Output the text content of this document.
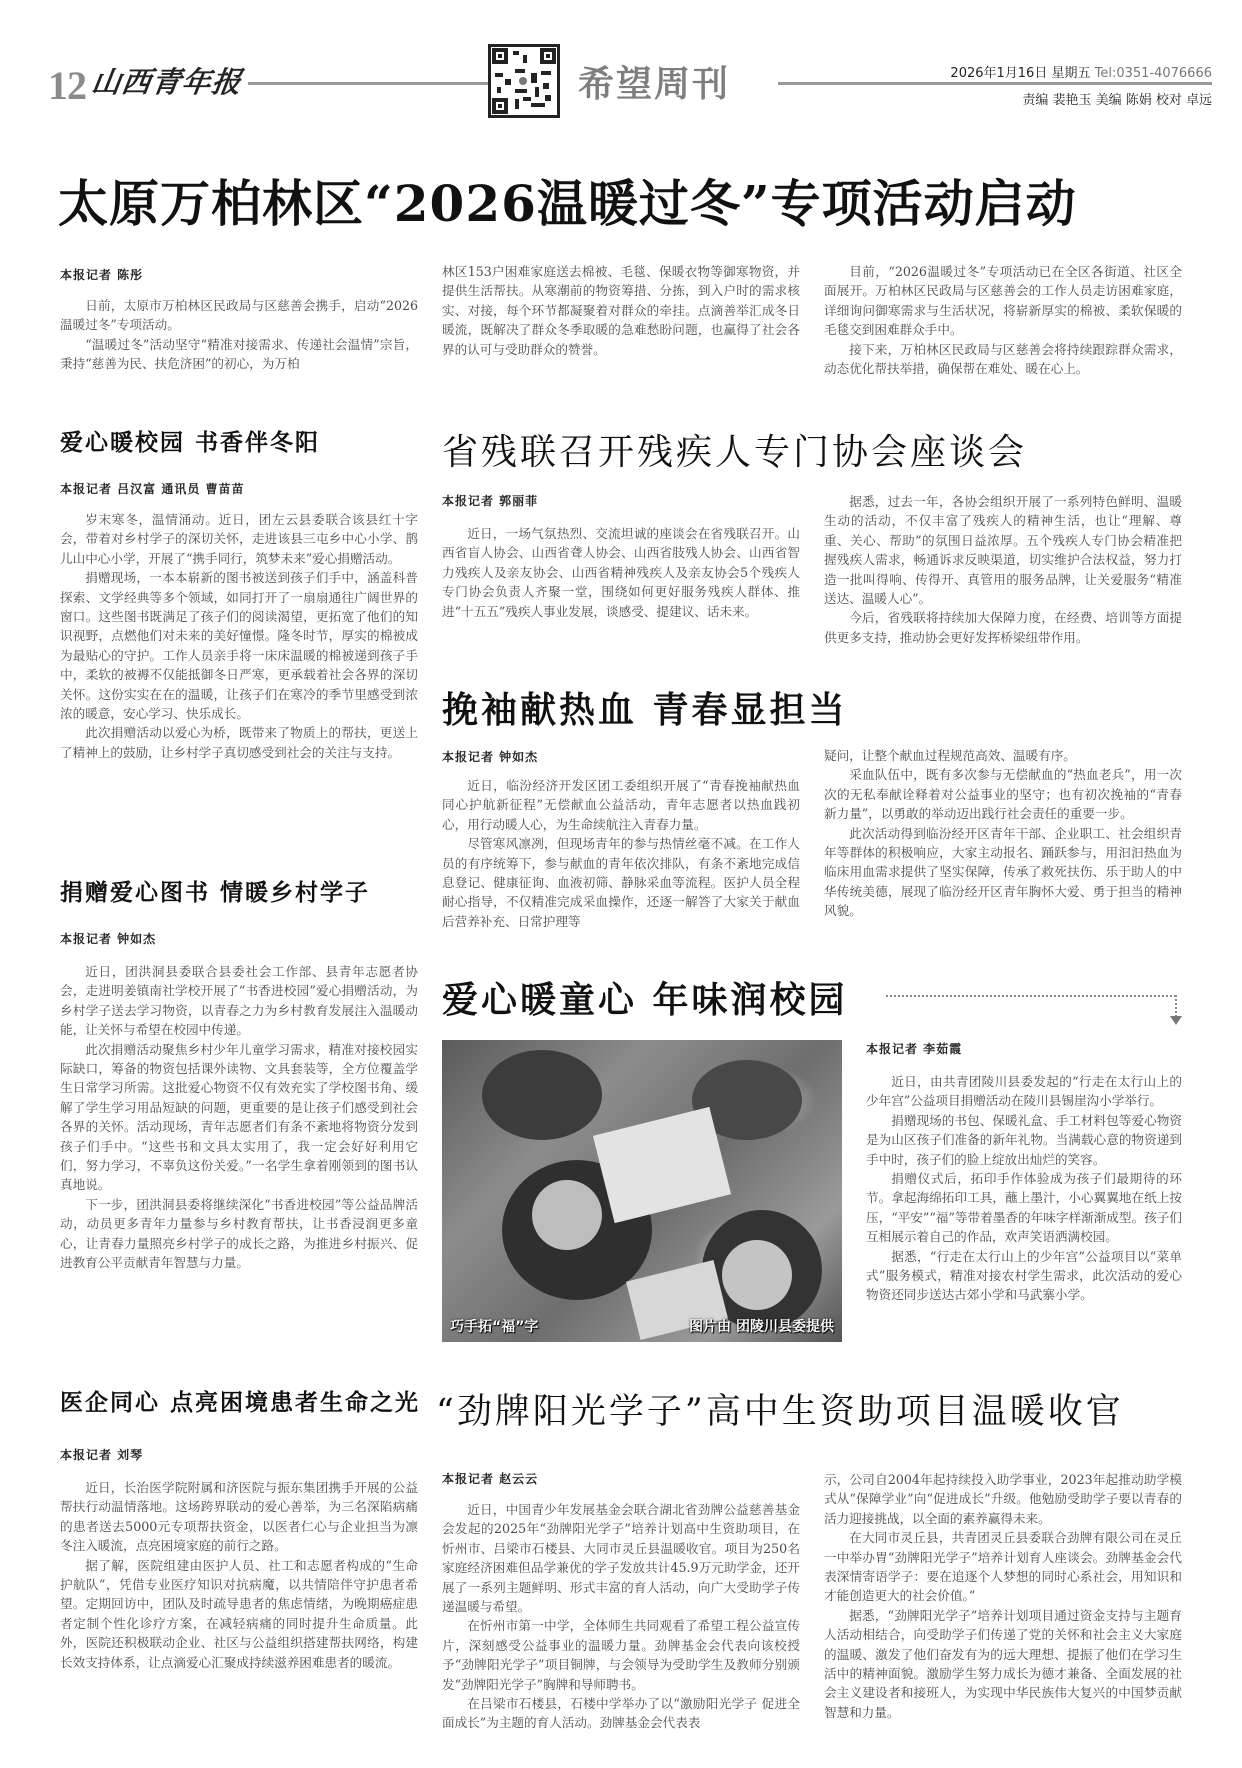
12 山西青年报	希望周刊	2026年1月16日 星期五 Tel:0351-4076666
责编 裴艳玉 美编 陈娟 校对 卓远
太原万柏林区“2026温暖过冬”专项活动启动
本报记者 陈彤

日前，太原市万柏林区民政局与区慈善会携手，启动“2026温暖过冬”专项活动。

“温暖过冬”活动坚守“精准对接需求、传递社会温情”宗旨，秉持“慈善为民、扶危济困”的初心，为万柏

林区153户困难家庭送去棉被、毛毯、保暖衣物等御寒物资，并提供生活帮扶。从寒潮前的物资筹措、分拣，到入户时的需求核实、对接，每个环节都凝聚着对群众的牵挂。点滴善举汇成冬日暖流，既解决了群众冬季取暖的急难愁盼问题，也赢得了社会各界的认可与受助群众的赞誉。

目前，“2026温暖过冬”专项活动已在全区各街道、社区全面展开。万柏林区民政局与区慈善会的工作人员走访困难家庭，详细询问御寒需求与生活状况，将崭新厚实的棉被、柔软保暖的毛毯交到困难群众手中。

接下来，万柏林区民政局与区慈善会将持续跟踪群众需求，动态优化帮扶举措，确保帮在难处、暖在心上。

爱心暖校园 书香伴冬阳
本报记者 吕汉富 通讯员 曹苗苗

岁末寒冬，温情涌动。近日，团左云县委联合该县红十字会，带着对乡村学子的深切关怀，走进该县三屯乡中心小学、鹊儿山中心小学，开展了“携手同行，筑梦未来”爱心捐赠活动。

捐赠现场，一本本崭新的图书被送到孩子们手中，涵盖科普探索、文学经典等多个领域，如同打开了一扇扇通往广阔世界的窗口。这些图书既满足了孩子们的阅读渴望，更拓宽了他们的知识视野，点燃他们对未来的美好憧憬。隆冬时节，厚实的棉被成为最贴心的守护。工作人员亲手将一床床温暖的棉被递到孩子手中，柔软的被褥不仅能抵御冬日严寒，更承载着社会各界的深切关怀。这份实实在在的温暖，让孩子们在寒冷的季节里感受到浓浓的暖意，安心学习、快乐成长。

此次捐赠活动以爱心为桥，既带来了物质上的帮扶，更送上了精神上的鼓励，让乡村学子真切感受到社会的关注与支持。

省残联召开残疾人专门协会座谈会
本报记者 郭丽菲

近日，一场气氛热烈、交流坦诚的座谈会在省残联召开。山西省盲人协会、山西省聋人协会、山西省肢残人协会、山西省智力残疾人及亲友协会、山西省精神残疾人及亲友协会5个残疾人专门协会负责人齐聚一堂，围绕如何更好服务残疾人群体、推进“十五五”残疾人事业发展，谈感受、提建议、话未来。

据悉，过去一年，各协会组织开展了一系列特色鲜明、温暖生动的活动，不仅丰富了残疾人的精神生活，也让“理解、尊重、关心、帮助”的氛围日益浓厚。五个残疾人专门协会精准把握残疾人需求，畅通诉求反映渠道，切实维护合法权益，努力打造一批叫得响、传得开、真管用的服务品牌，让关爱服务“精准送达、温暖人心”。

今后，省残联将持续加大保障力度，在经费、培训等方面提供更多支持，推动协会更好发挥桥梁纽带作用。

捐赠爱心图书 情暖乡村学子
本报记者 钟如杰

近日，团洪洞县委联合县委社会工作部、县青年志愿者协会，走进明姜镇南社学校开展了“书香进校园”爱心捐赠活动，为乡村学子送去学习物资，以青春之力为乡村教育发展注入温暖动能，让关怀与希望在校园中传递。

此次捐赠活动聚焦乡村少年儿童学习需求，精准对接校园实际缺口，筹备的物资包括课外读物、文具套装等，全方位覆盖学生日常学习所需。这批爱心物资不仅有效充实了学校图书角、缓解了学生学习用品短缺的问题，更重要的是让孩子们感受到社会各界的关怀。活动现场，青年志愿者们有条不紊地将物资分发到孩子们手中。“这些书和文具太实用了，我一定会好好利用它们，努力学习，不辜负这份关爱。”一名学生拿着刚领到的图书认真地说。

下一步，团洪洞县委将继续深化“书香进校园”等公益品牌活动，动员更多青年力量参与乡村教育帮扶，让书香浸润更多童心，让青春力量照亮乡村学子的成长之路，为推进乡村振兴、促进教育公平贡献青年智慧与力量。

挽袖献热血 青春显担当
本报记者 钟如杰

近日，临汾经济开发区团工委组织开展了“青春挽袖献热血 同心护航新征程”无偿献血公益活动，青年志愿者以热血践初心，用行动暖人心，为生命续航注入青春力量。

尽管寒风凛冽，但现场青年的参与热情丝毫不减。在工作人员的有序统筹下，参与献血的青年依次排队，有条不紊地完成信息登记、健康征询、血液初筛、静脉采血等流程。医护人员全程耐心指导，不仅精准完成采血操作，还逐一解答了大家关于献血后营养补充、日常护理等

疑问，让整个献血过程规范高效、温暖有序。

采血队伍中，既有多次参与无偿献血的“热血老兵”，用一次次的无私奉献诠释着对公益事业的坚守；也有初次挽袖的“青春新力量”，以勇敢的举动迈出践行社会责任的重要一步。

此次活动得到临汾经开区青年干部、企业职工、社会组织青年等群体的积极响应，大家主动报名、踊跃参与，用汩汩热血为临床用血需求提供了坚实保障，传承了救死扶伤、乐于助人的中华传统美德，展现了临汾经开区青年胸怀大爱、勇于担当的精神风貌。

爱心暖童心 年味润校园
巧手拓“福”字	图片由 团陵川县委提供
本报记者 李茹霞

近日，由共青团陵川县委发起的“行走在太行山上的少年宫”公益项目捐赠活动在陵川县锡崖沟小学举行。

捐赠现场的书包、保暖礼盒、手工材料包等爱心物资是为山区孩子们准备的新年礼物。当满载心意的物资递到手中时，孩子们的脸上绽放出灿烂的笑容。

捐赠仪式后，拓印手作体验成为孩子们最期待的环节。拿起海绵拓印工具，蘸上墨汁，小心翼翼地在纸上按压，“平安”“福”等带着墨香的年味字样渐渐成型。孩子们互相展示着自己的作品，欢声笑语洒满校园。

据悉，“行走在太行山上的少年宫”公益项目以“菜单式”服务模式，精准对接农村学生需求，此次活动的爱心物资还同步送达古郊小学和马武寨小学。

医企同心 点亮困境患者生命之光
本报记者 刘琴

近日，长治医学院附属和济医院与振东集团携手开展的公益帮扶行动温情落地。这场跨界联动的爱心善举，为三名深陷病痛的患者送去5000元专项帮扶资金，以医者仁心与企业担当为凛冬注入暖流，点亮困境家庭的前行之路。

据了解，医院组建由医护人员、社工和志愿者构成的“生命护航队”，凭借专业医疗知识对抗病魔，以共情陪伴守护患者希望。定期回访中，团队及时疏导患者的焦虑情绪，为晚期癌症患者定制个性化诊疗方案，在减轻病痛的同时提升生命质量。此外，医院还积极联动企业、社区与公益组织搭建帮扶网络，构建长效支持体系，让点滴爱心汇聚成持续滋养困难患者的暖流。

“劲牌阳光学子”高中生资助项目温暖收官
本报记者 赵云云

近日，中国青少年发展基金会联合湖北省劲牌公益慈善基金会发起的2025年“劲牌阳光学子”培养计划高中生资助项目，在忻州市、吕梁市石楼县、大同市灵丘县温暖收官。项目为250名家庭经济困难但品学兼优的学子发放共计45.9万元助学金，还开展了一系列主题鲜明、形式丰富的育人活动，向广大受助学子传递温暖与希望。

在忻州市第一中学，全体师生共同观看了希望工程公益宣传片，深刻感受公益事业的温暖力量。劲牌基金会代表向该校授予“劲牌阳光学子”项目铜牌，与会领导为受助学生及教师分别颁发“劲牌阳光学子”胸牌和导师聘书。

在吕梁市石楼县，石楼中学举办了以“激励阳光学子 促进全面成长”为主题的育人活动。劲牌基金会代表表

示，公司自2004年起持续投入助学事业，2023年起推动助学模式从“保障学业”向“促进成长”升级。他勉励受助学子要以青春的活力迎接挑战，以全面的素养赢得未来。

在大同市灵丘县，共青团灵丘县委联合劲牌有限公司在灵丘一中举办胃“劲牌阳光学子”培养计划育人座谈会。劲牌基金会代表深情寄语学子：要在追逐个人梦想的同时心系社会，用知识和才能创造更大的社会价值。”

据悉，“劲牌阳光学子”培养计划项目通过资金支持与主题育人活动相结合，向受助学子们传递了党的关怀和社会主义大家庭的温暖、激发了他们奋发有为的远大理想、提振了他们在学习生活中的精神面貌。激励学生努力成长为德才兼备、全面发展的社会主义建设者和接班人，为实现中华民族伟大复兴的中国梦贡献智慧和力量。
